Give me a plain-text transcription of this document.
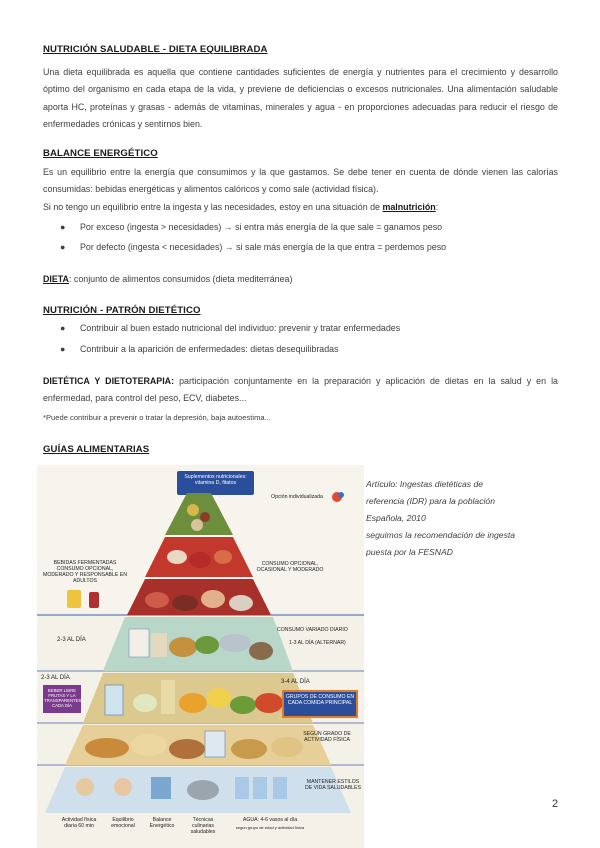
NUTRICIÓN SALUDABLE - DIETA EQUILIBRADA
Una dieta equilibrada es aquella que contiene cantidades suficientes de energía y nutrientes para el crecimiento y desarrollo óptimo del organismo en cada etapa de la vida, y previene de deficiencias o excesos nutricionales. Una alimentación saludable aporta HC, proteínas y grasas - además de vitaminas, minerales y agua - en proporciones adecuadas para reducir el riesgo de enfermedades crónicas y sentirnos bien.
BALANCE ENERGÉTICO
Es un equilibrio entre la energía que consumimos y la que gastamos. Se debe tener en cuenta de dónde vienen las calorías consumidas: bebidas energéticas y alimentos calóricos y como sale (actividad física).
Si no tengo un equilibrio entre la ingesta y las necesidades, estoy en una situación de malnutrición:
● Por exceso (ingesta > necesidades) → si entra más energía de la que sale = ganamos peso
● Por defecto (ingesta < necesidades) → si sale más energía de la que entra = perdemos peso
DIETA: conjunto de alimentos consumidos (dieta mediterránea)
NUTRICIÓN - PATRÓN DIETÉTICO
● Contribuir al buen estado nutricional del individuo: prevenir y tratar enfermedades
● Contribuir a la aparición de enfermedades: dietas desequilibradas
DIETÉTICA Y DIETOTERAPIA: participación conjuntamente en la preparación y aplicación de dietas en la salud y en la enfermedad, para control del peso, ECV, diabetes...
*Puede contribuir a prevenir o tratar la depresión, baja autoestima...
GUÍAS ALIMENTARIAS
Artículo: Ingestas dietéticas de
referencia (IDR) para la población
Española, 2010
seguimos la recomendación de ingesta
puesta por la FESNAD
Suplementos nutricionales: vitamina D, fitatos
Opción individualizada
BEBIDAS FERMENTADAS CONSUMO OPCIONAL, MODERADO Y RESPONSABLE EN ADULTOS
CONSUMO OPCIONAL, OCASIONAL Y MODERADO
2-3 AL DÍA
CONSUMO VARIADO DIARIO
1-3 AL DÍA (ALTERNAR)
2-3 AL DÍA
3-4 AL DÍA
GRUPOS DE CONSUMO EN CADA COMIDA PRINCIPAL
BEBER LIBRE FRUTAS Y LA TRANSPARENTES CADA DÍA
SEGÚN GRADO DE ACTIVIDAD FÍSICA
MANTENER ESTILOS DE VIDA SALUDABLES
Actividad física diaria 60 min
Equilibrio emocional
Balance Energético
Técnicas culinarias saludables
AGUA: 4-6 vasos al día
según grupo de edad y actividad física
2
